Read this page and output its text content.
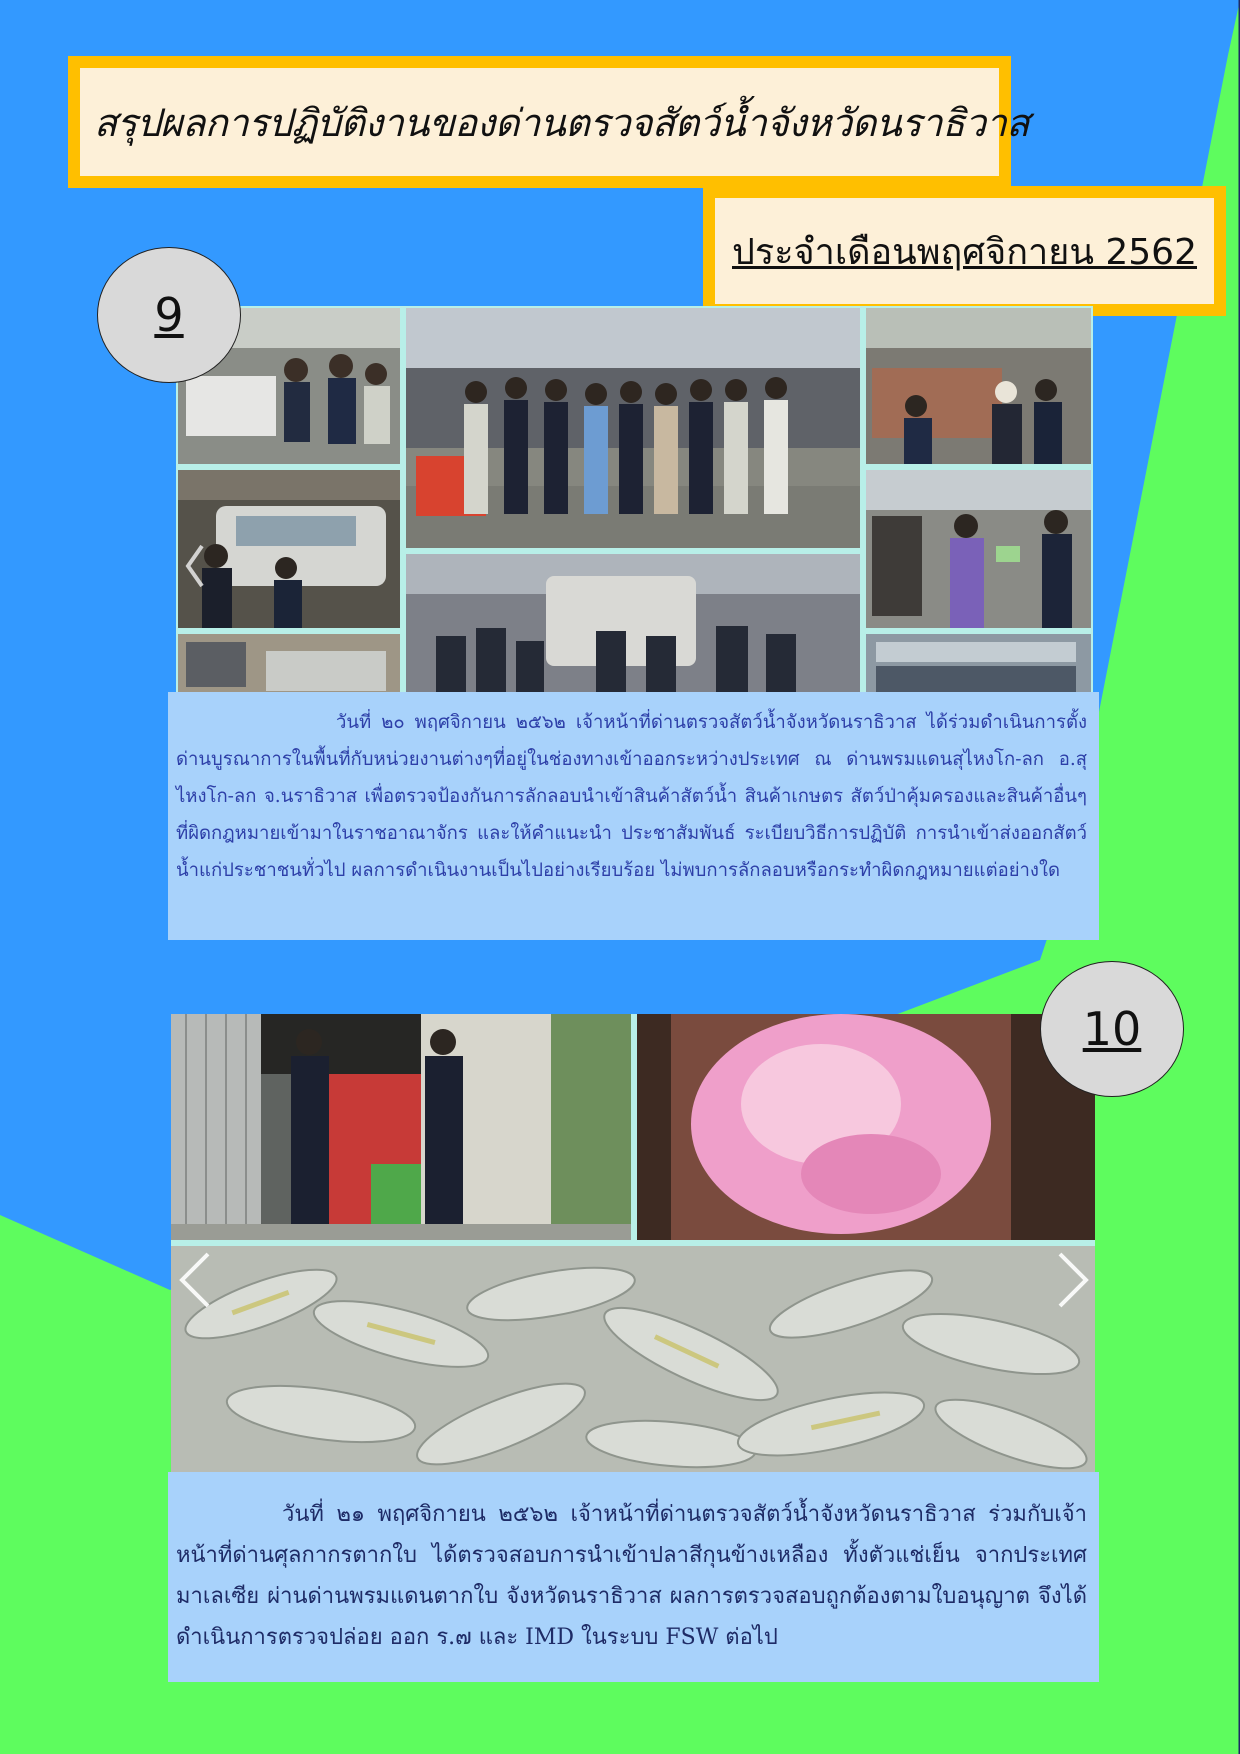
สรุปผลการปฏิบัติงานของด่านตรวจสัตว์น้ำจังหวัดนราธิวาส
ประจำเดือนพฤศจิกายน 2562
9
10

วันที่ ๒๐ พฤศจิกายน ๒๕๖๒ เจ้าหน้าที่ด่านตรวจสัตว์น้ำจังหวัดนราธิวาส ได้ร่วมดำเนินการตั้งด่านบูรณาการในพื้นที่กับหน่วยงานต่างๆที่อยู่ในช่องทางเข้าออกระหว่างประเทศ ณ ด่านพรมแดนสุไหงโก-ลก อ.สุไหงโก-ลก จ.นราธิวาส เพื่อตรวจป้องกันการลักลอบนำเข้าสินค้าสัตว์น้ำ สินค้าเกษตร สัตว์ป่าคุ้มครองและสินค้าอื่นๆ ที่ผิดกฎหมายเข้ามาในราชอาณาจักร และให้คำแนะนำ ประชาสัมพันธ์ ระเบียบวิธีการปฏิบัติ การนำเข้าส่งออกสัตว์น้ำแก่ประชาชนทั่วไป ผลการดำเนินงานเป็นไปอย่างเรียบร้อย ไม่พบการลักลอบหรือกระทำผิดกฎหมายแต่อย่างใด

วันที่ ๒๑ พฤศจิกายน ๒๕๖๒ เจ้าหน้าที่ด่านตรวจสัตว์น้ำจังหวัดนราธิวาส ร่วมกับเจ้าหน้าที่ด่านศุลกากรตากใบ ได้ตรวจสอบการนำเข้าปลาสีกุนข้างเหลือง ทั้งตัวแช่เย็น จากประเทศมาเลเซีย ผ่านด่านพรมแดนตากใบ จังหวัดนราธิวาส ผลการตรวจสอบถูกต้องตามใบอนุญาต จึงได้ดำเนินการตรวจปล่อย ออก ร.๗ และ IMD ในระบบ FSW ต่อไป
